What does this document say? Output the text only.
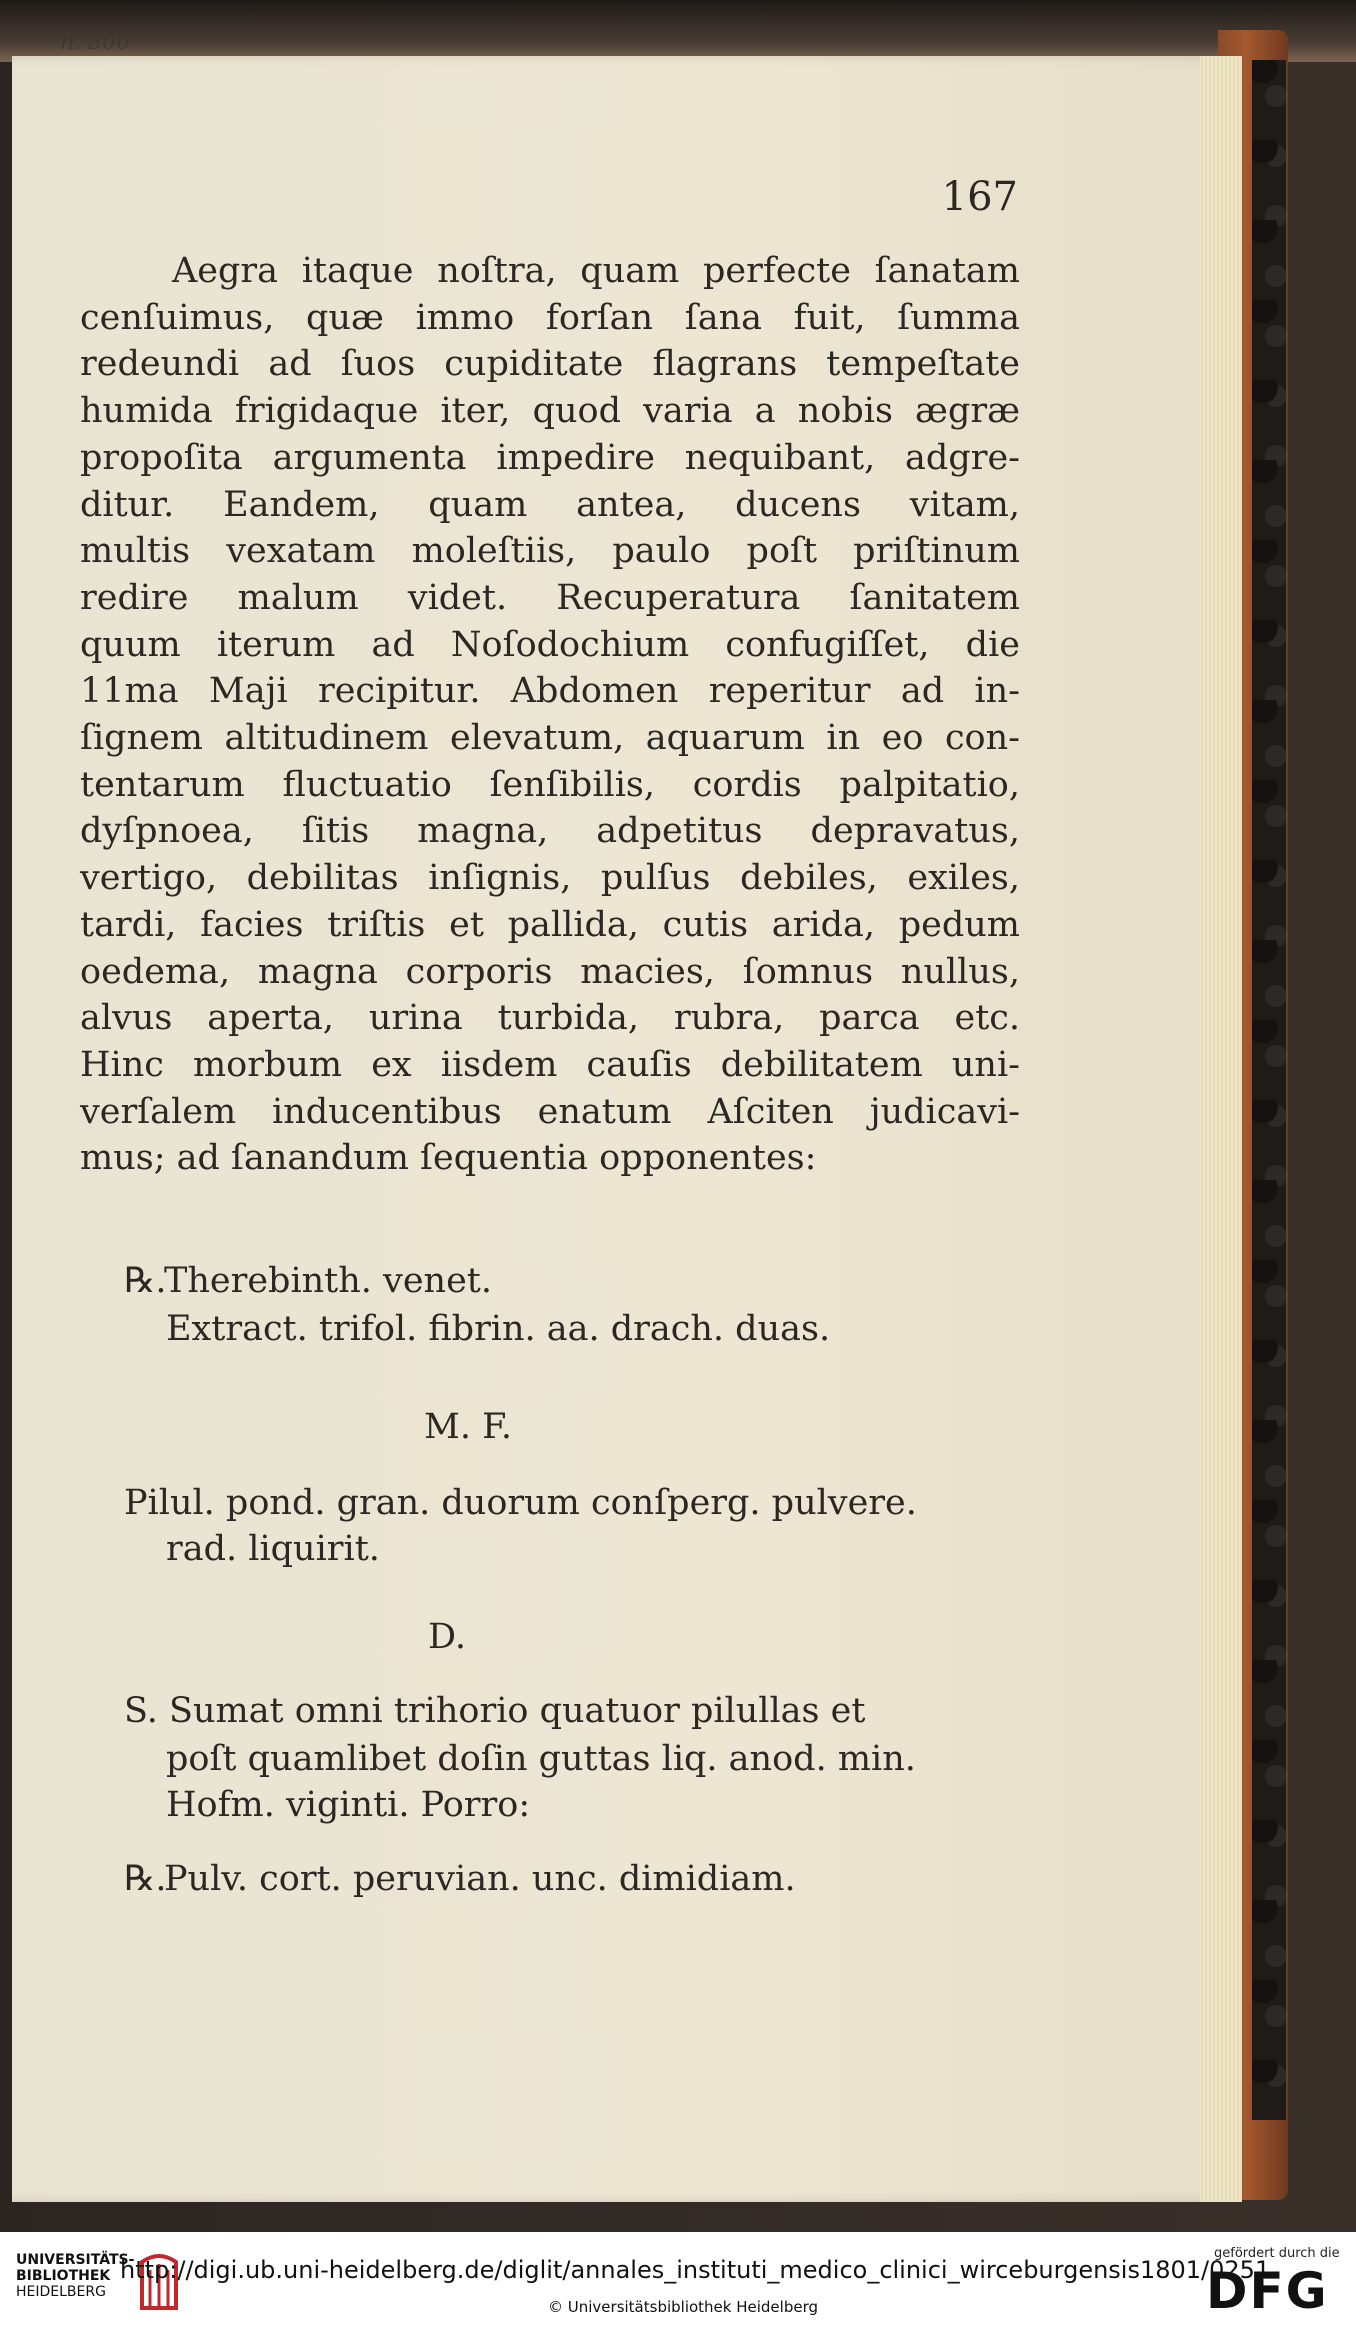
n. 306
167
Aegra itaque noſtra, quam perfecte ſanatam
cenſuimus, quæ immo forſan ſana fuit, ſumma
redeundi ad ſuos cupiditate flagrans tempeſtate
humida frigidaque iter, quod varia a nobis ægræ
propoſita argumenta impedire nequibant, adgre-
ditur. Eandem, quam antea, ducens vitam,
multis vexatam moleſtiis, paulo poſt priſtinum
redire malum videt. Recuperatura ſanitatem
quum iterum ad Noſodochium confugiſſet, die
11ma Maji recipitur. Abdomen reperitur ad in-
ſignem altitudinem elevatum, aquarum in eo con-
tentarum fluctuatio ſenſibilis, cordis palpitatio,
dyſpnoea, ſitis magna, adpetitus depravatus,
vertigo, debilitas inſignis, pulſus debiles, exiles,
tardi, facies triſtis et pallida, cutis arida, pedum
oedema, magna corporis macies, ſomnus nullus,
alvus aperta, urina turbida, rubra, parca etc.
Hinc morbum ex iisdem cauſis debilitatem uni-
verſalem inducentibus enatum Aſciten judicavi-
mus; ad ſanandum ſequentia opponentes:
℞.Therebinth. venet.
Extract. trifol. fibrin. aa. drach. duas.
M. F.
Pilul. pond. gran. duorum conſperg. pulvere.
rad. liquirit.
D.
S. Sumat omni trihorio quatuor pilullas et
poſt quamlibet doſin guttas liq. anod. min.
Hofm. viginti. Porro:
℞.Pulv. cort. peruvian. unc. dimidiam.
UNIVERSITÄTS-
BIBLIOTHEK
HEIDELBERG
http://digi.ub.uni-heidelberg.de/diglit/annales_instituti_medico_clinici_wirceburgensis1801/0251
© Universitätsbibliothek Heidelberg
gefördert durch die
DFG
